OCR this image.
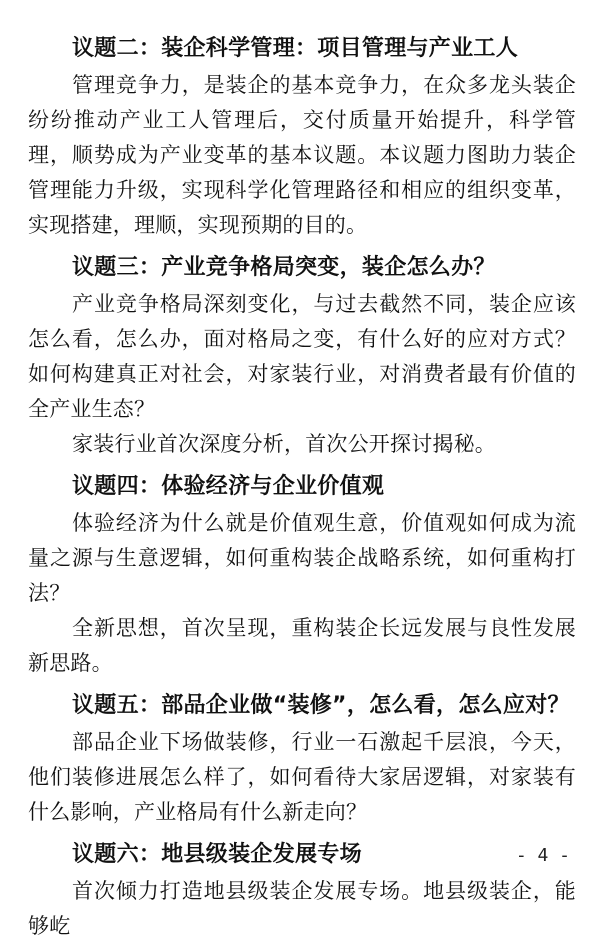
议题二：装企科学管理：项目管理与产业工人

管理竞争力，是装企的基本竞争力，在众多龙头装企纷纷推动产业工人管理后，交付质量开始提升，科学管理，顺势成为产业变革的基本议题。本议题力图助力装企管理能力升级，实现科学化管理路径和相应的组织变革，实现搭建，理顺，实现预期的目的。

议题三：产业竞争格局突变，装企怎么办？

产业竞争格局深刻变化，与过去截然不同，装企应该怎么看，怎么办，面对格局之变，有什么好的应对方式？如何构建真正对社会，对家装行业，对消费者最有价值的全产业生态？

家装行业首次深度分析，首次公开探讨揭秘。

议题四：体验经济与企业价值观

体验经济为什么就是价值观生意，价值观如何成为流量之源与生意逻辑，如何重构装企战略系统，如何重构打法？

全新思想，首次呈现，重构装企长远发展与良性发展新思路。

议题五：部品企业做“装修”，怎么看，怎么应对？

部品企业下场做装修，行业一石激起千层浪，今天，他们装修进展怎么样了，如何看待大家居逻辑，对家装有什么影响，产业格局有什么新走向？

议题六：地县级装企发展专场

首次倾力打造地县级装企发展专场。地县级装企，能够屹

- 4 -
